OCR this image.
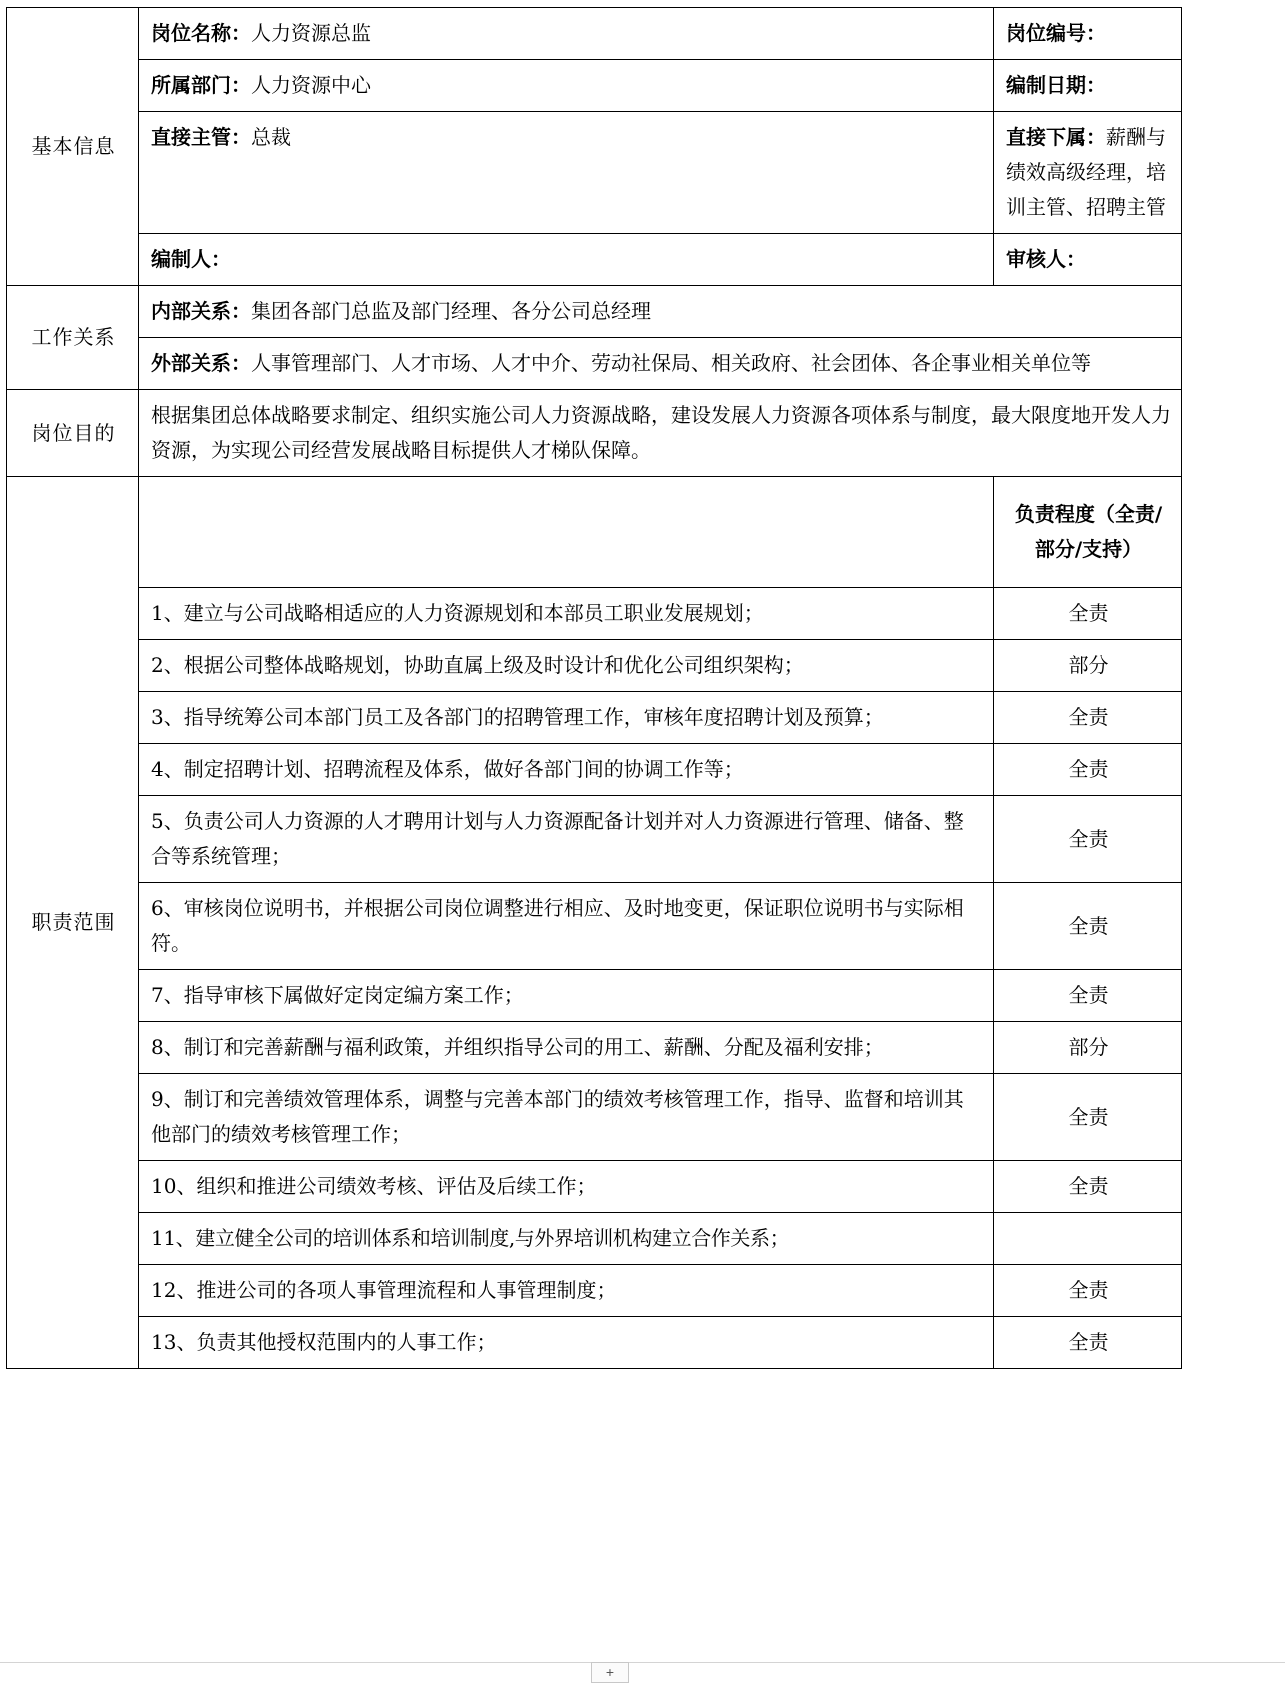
基本信息	岗位名称：人力资源总监	岗位编号：
	所属部门：人力资源中心	编制日期：
	直接主管：总裁	直接下属：薪酬与绩效高级经理，培训主管、招聘主管
	编制人：	审核人：
工作关系	内部关系：集团各部门总监及部门经理、各分公司总经理	
	外部关系：人事管理部门、人才市场、人才中介、劳动社保局、相关政府、社会团体、各企事业相关单位等	
岗位目的	根据集团总体战略要求制定、组织实施公司人力资源战略，建设发展人力资源各项体系与制度，最大限度地开发人力资源，为实现公司经营发展战略目标提供人才梯队保障。	
职责范围		负责程度（全责/部分/支持）
	1、建立与公司战略相适应的人力资源规划和本部员工职业发展规划；	全责
	2、根据公司整体战略规划，协助直属上级及时设计和优化公司组织架构；	部分
	3、指导统筹公司本部门员工及各部门的招聘管理工作，审核年度招聘计划及预算；	全责
	4、制定招聘计划、招聘流程及体系，做好各部门间的协调工作等；	全责
	5、负责公司人力资源的人才聘用计划与人力资源配备计划并对人力资源进行管理、储备、整合等系统管理；	全责
	6、审核岗位说明书，并根据公司岗位调整进行相应、及时地变更，保证职位说明书与实际相符。	全责
	7、指导审核下属做好定岗定编方案工作；	全责
	8、制订和完善薪酬与福利政策，并组织指导公司的用工、薪酬、分配及福利安排；	部分
	9、制订和完善绩效管理体系，调整与完善本部门的绩效考核管理工作，指导、监督和培训其他部门的绩效考核管理工作；	全责
	10、组织和推进公司绩效考核、评估及后续工作；	全责
	11、建立健全公司的培训体系和培训制度,与外界培训机构建立合作关系；	
	12、推进公司的各项人事管理流程和人事管理制度；	全责
	13、负责其他授权范围内的人事工作；	全责
+
